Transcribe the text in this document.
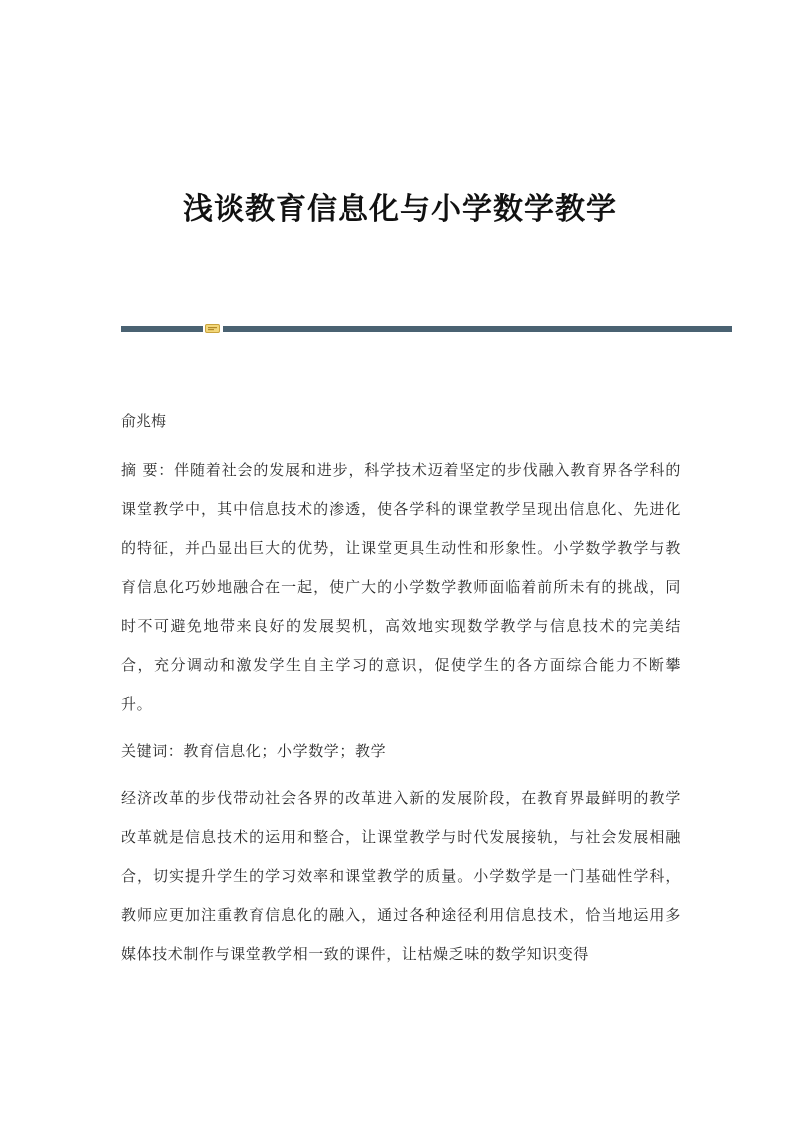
浅谈教育信息化与小学数学教学

俞兆梅

摘 要：伴随着社会的发展和进步，科学技术迈着坚定的步伐融入教育界各学科的课堂教学中，其中信息技术的渗透，使各学科的课堂教学呈现出信息化、先进化的特征，并凸显出巨大的优势，让课堂更具生动性和形象性。小学数学教学与教育信息化巧妙地融合在一起，使广大的小学数学教师面临着前所未有的挑战，同时不可避免地带来良好的发展契机，高效地实现数学教学与信息技术的完美结合，充分调动和激发学生自主学习的意识，促使学生的各方面综合能力不断攀升。

关键词：教育信息化；小学数学；教学

经济改革的步伐带动社会各界的改革进入新的发展阶段，在教育界最鲜明的教学改革就是信息技术的运用和整合，让课堂教学与时代发展接轨，与社会发展相融合，切实提升学生的学习效率和课堂教学的质量。小学数学是一门基础性学科，教师应更加注重教育信息化的融入，通过各种途径利用信息技术，恰当地运用多媒体技术制作与课堂教学相一致的课件，让枯燥乏味的数学知识变得
